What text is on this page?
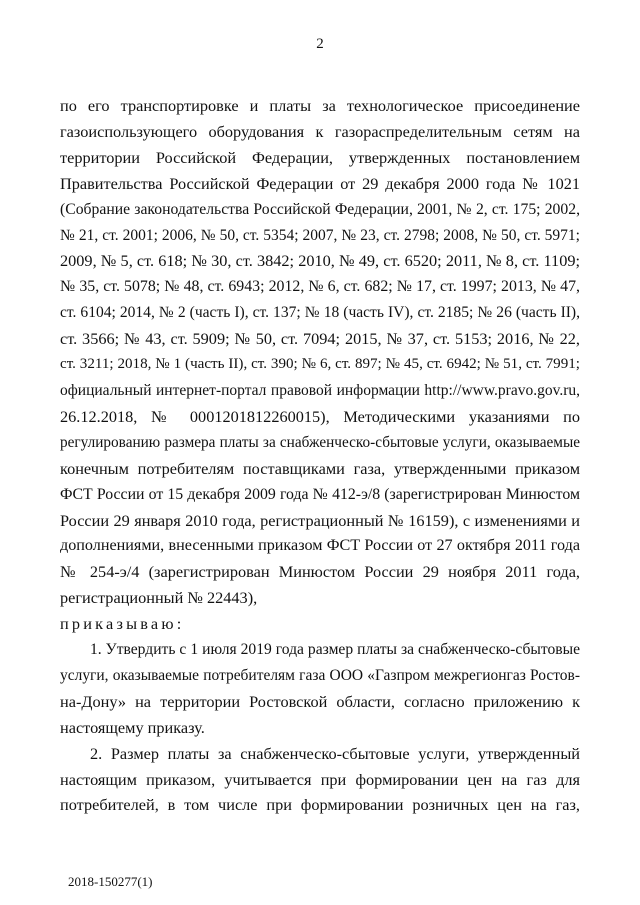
2
по его транспортировке и платы за технологическое присоединение
газоиспользующего оборудования к газораспределительным сетям на
территории Российской Федерации, утвержденных постановлением
Правительства Российской Федерации от 29 декабря 2000 года № 1021
(Собрание законодательства Российской Федерации, 2001, № 2, ст. 175; 2002,
№ 21, ст. 2001; 2006, № 50, ст. 5354; 2007, № 23, ст. 2798; 2008, № 50, ст. 5971;
2009, № 5, ст. 618; № 30, ст. 3842; 2010, № 49, ст. 6520; 2011, № 8, ст. 1109;
№ 35, ст. 5078; № 48, ст. 6943; 2012, № 6, ст. 682; № 17, ст. 1997; 2013, № 47,
ст. 6104; 2014, № 2 (часть I), ст. 137; № 18 (часть IV), ст. 2185; № 26 (часть II),
ст. 3566; № 43, ст. 5909; № 50, ст. 7094; 2015, № 37, ст. 5153; 2016, № 22,
ст. 3211; 2018, № 1 (часть II), ст. 390; № 6, ст. 897; № 45, ст. 6942; № 51, ст. 7991;
официальный интернет-портал правовой информации http://www.pravo.gov.ru,
26.12.2018, № 0001201812260015), Методическими указаниями по
регулированию размера платы за снабженческо-сбытовые услуги, оказываемые
конечным потребителям поставщиками газа, утвержденными приказом
ФСТ России от 15 декабря 2009 года № 412-э/8 (зарегистрирован Минюстом
России 29 января 2010 года, регистрационный № 16159), с изменениями и
дополнениями, внесенными приказом ФСТ России от 27 октября 2011 года
№ 254-э/4 (зарегистрирован Минюстом России 29 ноября 2011 года,
регистрационный № 22443),
приказываю:
1. Утвердить с 1 июля 2019 года размер платы за снабженческо-сбытовые
услуги, оказываемые потребителям газа ООО «Газпром межрегионгаз Ростов-
на-Дону» на территории Ростовской области, согласно приложению к
настоящему приказу.
2. Размер платы за снабженческо-сбытовые услуги, утвержденный
настоящим приказом, учитывается при формировании цен на газ для
потребителей, в том числе при формировании розничных цен на газ,
2018-150277(1)
